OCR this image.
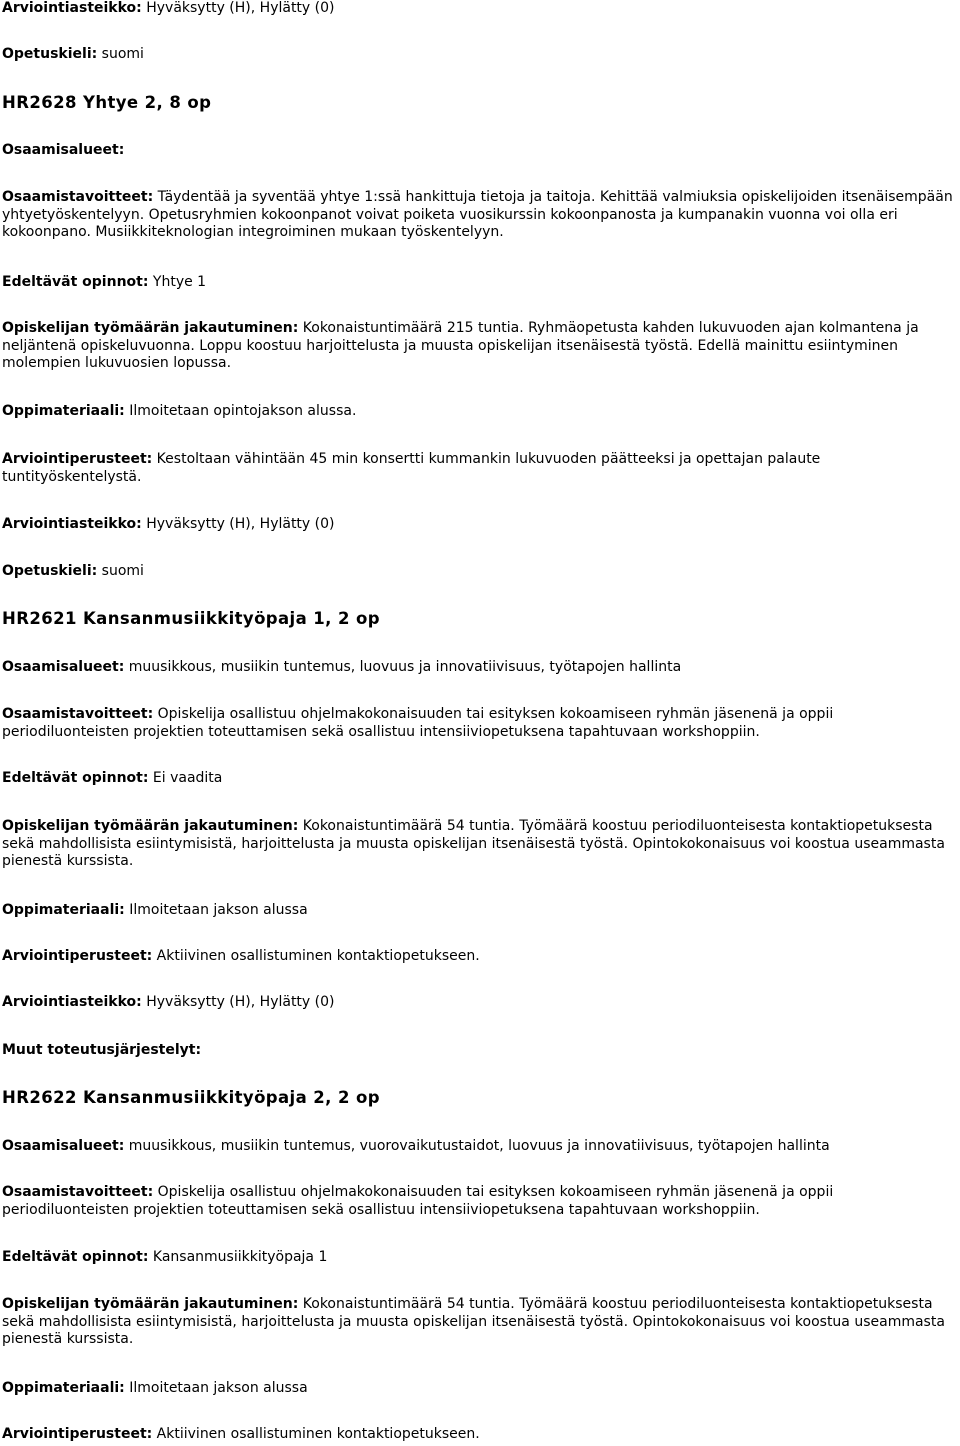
Arviointiasteikko: Hyväksytty (H), Hylätty (0)

Opetuskieli: suomi

HR2628 Yhtye 2, 8 op

Osaamisalueet:

Osaamistavoitteet: Täydentää ja syventää yhtye 1:ssä hankittuja tietoja ja taitoja. Kehittää valmiuksia opiskelijoiden itsenäisempään yhtyetyöskentelyyn. Opetusryhmien kokoonpanot voivat poiketa vuosikurssin kokoonpanosta ja kumpanakin vuonna voi olla eri kokoonpano. Musiikkiteknologian integroiminen mukaan työskentelyyn.

Edeltävät opinnot: Yhtye 1

Opiskelijan työmäärän jakautuminen: Kokonaistuntimäärä 215 tuntia. Ryhmäopetusta kahden lukuvuoden ajan kolmantena ja neljäntenä opiskeluvuonna. Loppu koostuu harjoittelusta ja muusta opiskelijan itsenäisestä työstä. Edellä mainittu esiintyminen molempien lukuvuosien lopussa.

Oppimateriaali: Ilmoitetaan opintojakson alussa.

Arviointiperusteet: Kestoltaan vähintään 45 min konsertti kummankin lukuvuoden päätteeksi ja opettajan palaute tuntityöskentelystä.

Arviointiasteikko: Hyväksytty (H), Hylätty (0)

Opetuskieli: suomi

HR2621 Kansanmusiikkityöpaja 1, 2 op

Osaamisalueet: muusikkous, musiikin tuntemus, luovuus ja innovatiivisuus, työtapojen hallinta

Osaamistavoitteet: Opiskelija osallistuu ohjelmakokonaisuuden tai esityksen kokoamiseen ryhmän jäsenenä ja oppii periodiluonteisten projektien toteuttamisen sekä osallistuu intensiiviopetuksena tapahtuvaan workshoppiin.

Edeltävät opinnot: Ei vaadita

Opiskelijan työmäärän jakautuminen: Kokonaistuntimäärä 54 tuntia. Työmäärä koostuu periodiluonteisesta kontaktiopetuksesta sekä mahdollisista esiintymisistä, harjoittelusta ja muusta opiskelijan itsenäisestä työstä. Opintokokonaisuus voi koostua useammasta pienestä kurssista.

Oppimateriaali: Ilmoitetaan jakson alussa

Arviointiperusteet: Aktiivinen osallistuminen kontaktiopetukseen.

Arviointiasteikko: Hyväksytty (H), Hylätty (0)

Muut toteutusjärjestelyt:

HR2622 Kansanmusiikkityöpaja 2, 2 op

Osaamisalueet: muusikkous, musiikin tuntemus, vuorovaikutustaidot, luovuus ja innovatiivisuus, työtapojen hallinta

Osaamistavoitteet: Opiskelija osallistuu ohjelmakokonaisuuden tai esityksen kokoamiseen ryhmän jäsenenä ja oppii periodiluonteisten projektien toteuttamisen sekä osallistuu intensiiviopetuksena tapahtuvaan workshoppiin.

Edeltävät opinnot: Kansanmusiikkityöpaja 1

Opiskelijan työmäärän jakautuminen: Kokonaistuntimäärä 54 tuntia. Työmäärä koostuu periodiluonteisesta kontaktiopetuksesta sekä mahdollisista esiintymisistä, harjoittelusta ja muusta opiskelijan itsenäisestä työstä. Opintokokonaisuus voi koostua useammasta pienestä kurssista.

Oppimateriaali: Ilmoitetaan jakson alussa

Arviointiperusteet: Aktiivinen osallistuminen kontaktiopetukseen.
